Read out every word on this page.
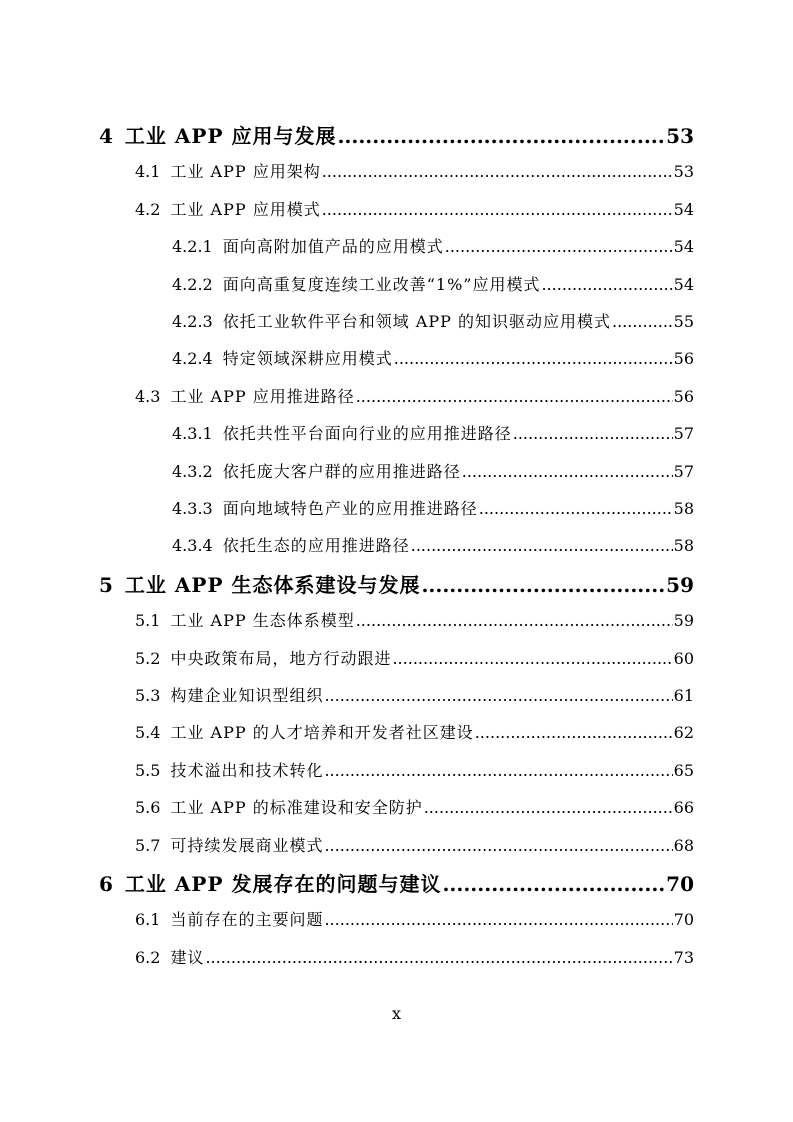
4 工业 APP 应用与发展 .....	53
4.1 工业 APP 应用架构 .....	53
4.2 工业 APP 应用模式 .....	54
4.2.1 面向高附加值产品的应用模式 .....	54
4.2.2 面向高重复度连续工业改善“1%”应用模式 .....	54
4.2.3 依托工业软件平台和领域 APP 的知识驱动应用模式 .....	55
4.2.4 特定领域深耕应用模式 .....	56
4.3 工业 APP 应用推进路径 .....	56
4.3.1 依托共性平台面向行业的应用推进路径 .....	57
4.3.2 依托庞大客户群的应用推进路径 .....	57
4.3.3 面向地域特色产业的应用推进路径 .....	58
4.3.4 依托生态的应用推进路径 .....	58
5 工业 APP 生态体系建设与发展 .....	59
5.1 工业 APP 生态体系模型 .....	59
5.2 中央政策布局，地方行动跟进 .....	60
5.3 构建企业知识型组织 .....	61
5.4 工业 APP 的人才培养和开发者社区建设 .....	62
5.5 技术溢出和技术转化 .....	65
5.6 工业 APP 的标准建设和安全防护 .....	66
5.7 可持续发展商业模式 .....	68
6 工业 APP 发展存在的问题与建议 .....	70
6.1 当前存在的主要问题 .....	70
6.2 建议 .....	73
x
